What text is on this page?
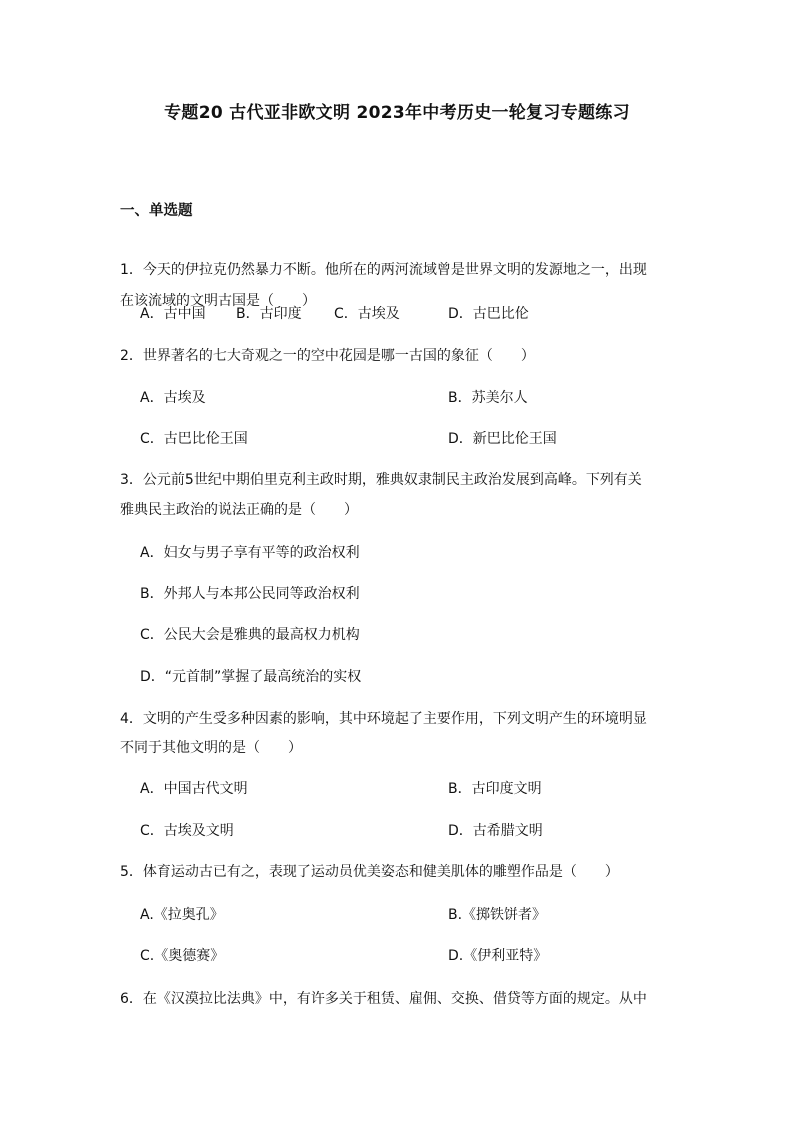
专题20 古代亚非欧文明 2023年中考历史一轮复习专题练习
一、单选题
1．今天的伊拉克仍然暴力不断。他所在的两河流域曾是世界文明的发源地之一，出现
在该流域的文明古国是（　　）
A．古中国 B．古印度 C．古埃及	D．古巴比伦
2．世界著名的七大奇观之一的空中花园是哪一古国的象征（　　）
A．古埃及	B．苏美尔人
C．古巴比伦王国	D．新巴比伦王国
3．公元前5世纪中期伯里克利主政时期，雅典奴隶制民主政治发展到高峰。下列有关
雅典民主政治的说法正确的是（　　）
A．妇女与男子享有平等的政治权利
B．外邦人与本邦公民同等政治权利
C．公民大会是雅典的最高权力机构
D．“元首制”掌握了最高统治的实权
4．文明的产生受多种因素的影响，其中环境起了主要作用，下列文明产生的环境明显
不同于其他文明的是（　　）
A．中国古代文明	B．古印度文明
C．古埃及文明	D．古希腊文明
5．体育运动古已有之，表现了运动员优美姿态和健美肌体的雕塑作品是（　　）
A.《拉奥孔》	B.《掷铁饼者》
C.《奥德赛》	D.《伊利亚特》
6．在《汉漠拉比法典》中，有许多关于租赁、雇佣、交换、借贷等方面的规定。从中
